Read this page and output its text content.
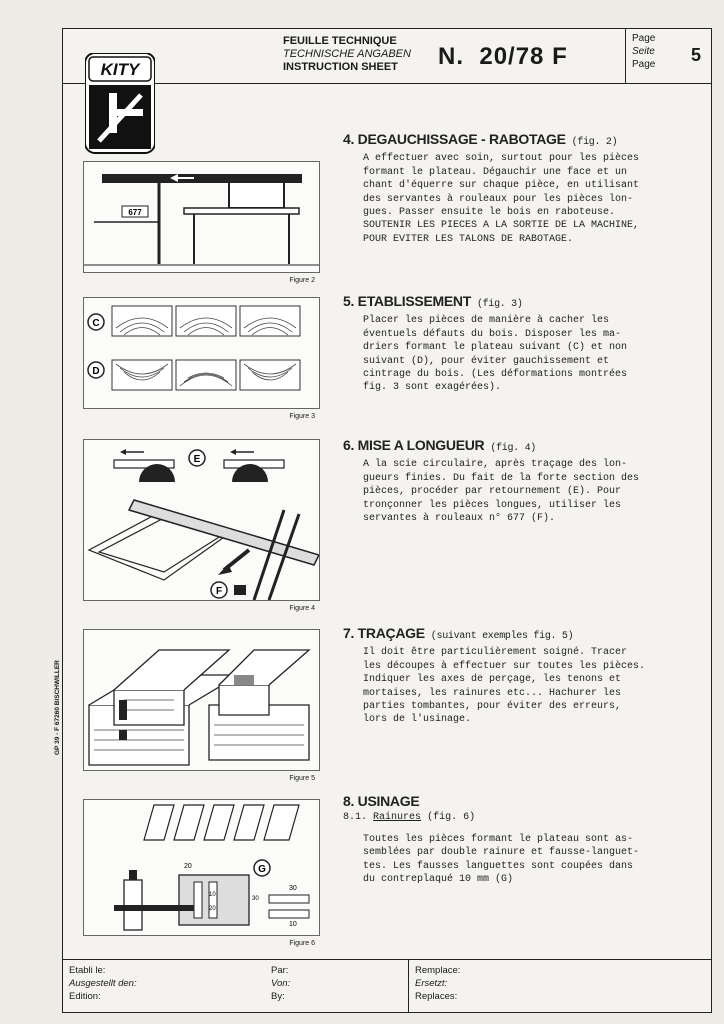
GP 39 - F 67260 BISCHWILLER
FEUILLE TECHNIQUE
TECHNISCHE ANGABEN
INSTRUCTION SHEET	N. 20/78 F
Page
Seite
Page 5
KITY
677
Figure 2
C
D
Figure 3
E
F
Figure 4
Figure 5
20
10
20
30
10
30
G
Figure 6
4. DEGAUCHISSAGE - RABOTAGE (fig. 2)
A effectuer avec soin, surtout pour les pièces
formant le plateau. Dégauchir une face et un
chant d'équerre sur chaque pièce, en utilisant
des servantes à rouleaux pour les pièces lon-
gues. Passer ensuite le bois en raboteuse.
SOUTENIR LES PIECES A LA SORTIE DE LA MACHINE,
POUR EVITER LES TALONS DE RABOTAGE.
5. ETABLISSEMENT (fig. 3)
Placer les pièces de manière à cacher les
éventuels défauts du bois. Disposer les ma-
driers formant le plateau suivant (C) et non
suivant (D), pour éviter gauchissement et
cintrage du bois. (Les déformations montrées
fig. 3 sont exagérées).
6. MISE A LONGUEUR (fig. 4)
A la scie circulaire, après traçage des lon-
gueurs finies. Du fait de la forte section des
pièces, procéder par retournement (E). Pour
tronçonner les pièces longues, utiliser les
servantes à rouleaux n° 677 (F).
7. TRAÇAGE (suivant exemples fig. 5)
Il doit être particulièrement soigné. Tracer
les découpes à effectuer sur toutes les pièces.
Indiquer les axes de perçage, les tenons et
mortaises, les rainures etc... Hachurer les
parties tombantes, pour éviter des erreurs,
lors de l'usinage.
8. USINAGE
8.1. Rainures (fig. 6)
Toutes les pièces formant le plateau sont as-
semblées par double rainure et fausse-languet-
tes. Les fausses languettes sont coupées dans
du contreplaqué 10 mm (G)
Etabli le:
Ausgestellt den:
Edition:
Par:
Von:
By:
Remplace:
Ersetzt:
Replaces:
